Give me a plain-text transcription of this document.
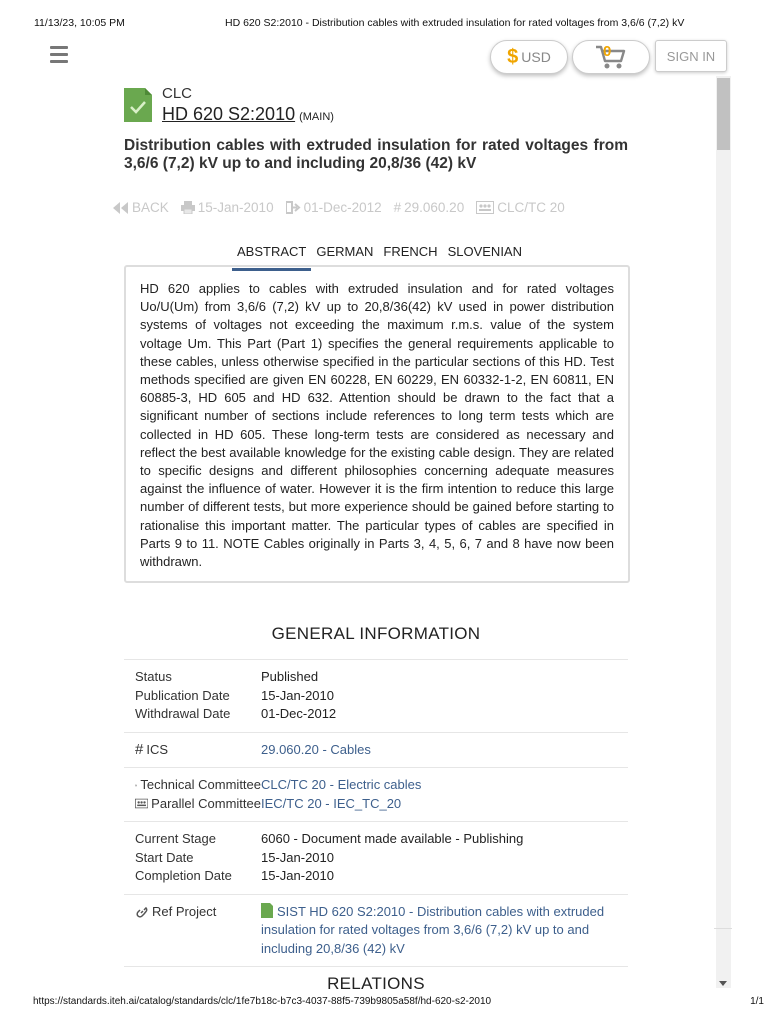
11/13/23, 10:05 PM	HD 620 S2:2010 - Distribution cables with extruded insulation for rated voltages from 3,6/6 (7,2) kV
$ USD	0	SIGN IN
CLC
HD 620 S2:2010 (MAIN)
Distribution cables with extruded insulation for rated voltages from 3,6/6 (7,2) kV up to and including 20,8/36 (42) kV
BACK 15-Jan-2010 01-Dec-2012 # 29.060.20 CLC/TC 20
ABSTRACT GERMAN FRENCH SLOVENIAN
HD 620 applies to cables with extruded insulation and for rated voltages Uo/U(Um) from 3,6/6 (7,2) kV up to 20,8/36(42) kV used in power distribution systems of voltages not exceeding the maximum r.m.s. value of the system voltage Um. This Part (Part 1) specifies the general requirements applicable to these cables, unless otherwise specified in the particular sections of this HD. Test methods specified are given EN 60228, EN 60229, EN 60332-1-2, EN 60811, EN 60885-3, HD 605 and HD 632. Attention should be drawn to the fact that a significant number of sections include references to long term tests which are collected in HD 605. These long-term tests are considered as necessary and reflect the best available knowledge for the existing cable design. They are related to specific designs and different philosophies concerning adequate measures against the influence of water. However it is the firm intention to reduce this large number of different tests, but more experience should be gained before starting to rationalise this important matter. The particular types of cables are specified in Parts 9 to 11. NOTE Cables originally in Parts 3, 4, 5, 6, 7 and 8 have now been withdrawn.
GENERAL INFORMATION
Status	Published
Publication Date	15-Jan-2010
Withdrawal Date	01-Dec-2012
# ICS	29.060.20 - Cables
Technical Committee CLC/TC 20 - Electric cables
Parallel Committee IEC/TC 20 - IEC_TC_20
Current Stage	6060 - Document made available - Publishing
Start Date	15-Jan-2010
Completion Date	15-Jan-2010
Ref Project	SIST HD 620 S2:2010 - Distribution cables with extruded insulation for rated voltages from 3,6/6 (7,2) kV up to and including 20,8/36 (42) kV
RELATIONS
https://standards.iteh.ai/catalog/standards/clc/1fe7b18c-b7c3-4037-88f5-739b9805a58f/hd-620-s2-2010	1/1
